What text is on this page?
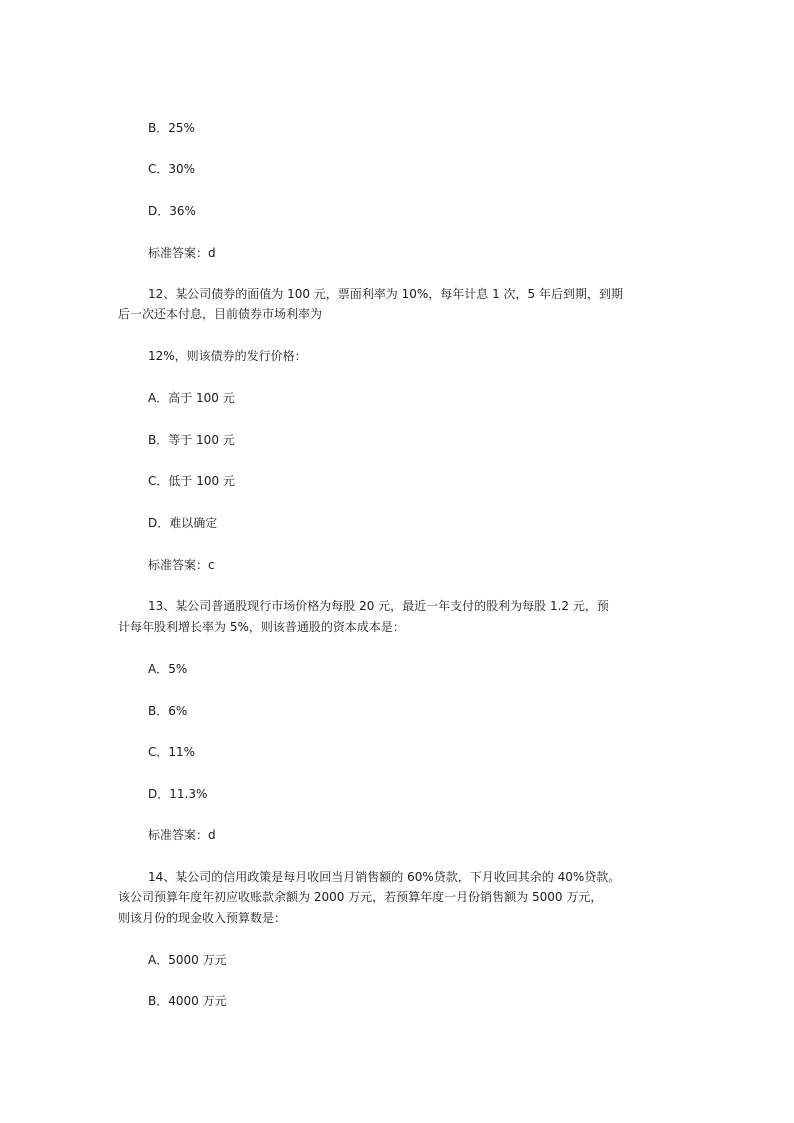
B．25%
C．30%
D．36%
标准答案：d
12、某公司债券的面值为 100 元，票面利率为 10%，每年计息 1 次，5 年后到期，到期
后一次还本付息，目前债券市场利率为
12%，则该债券的发行价格：
A．高于 100 元
B．等于 100 元
C．低于 100 元
D．难以确定
标准答案：c
13、某公司普通股现行市场价格为每股 20 元，最近一年支付的股利为每股 1.2 元，预
计每年股利增长率为 5%，则该普通股的资本成本是：
A．5%
B．6%
C．11%
D．11.3%
标准答案：d
14、某公司的信用政策是每月收回当月销售额的 60%贷款，下月收回其余的 40%贷款。
该公司预算年度年初应收账款余额为 2000 万元，若预算年度一月份销售额为 5000 万元，
则该月份的现金收入预算数是：
A．5000 万元
B．4000 万元
